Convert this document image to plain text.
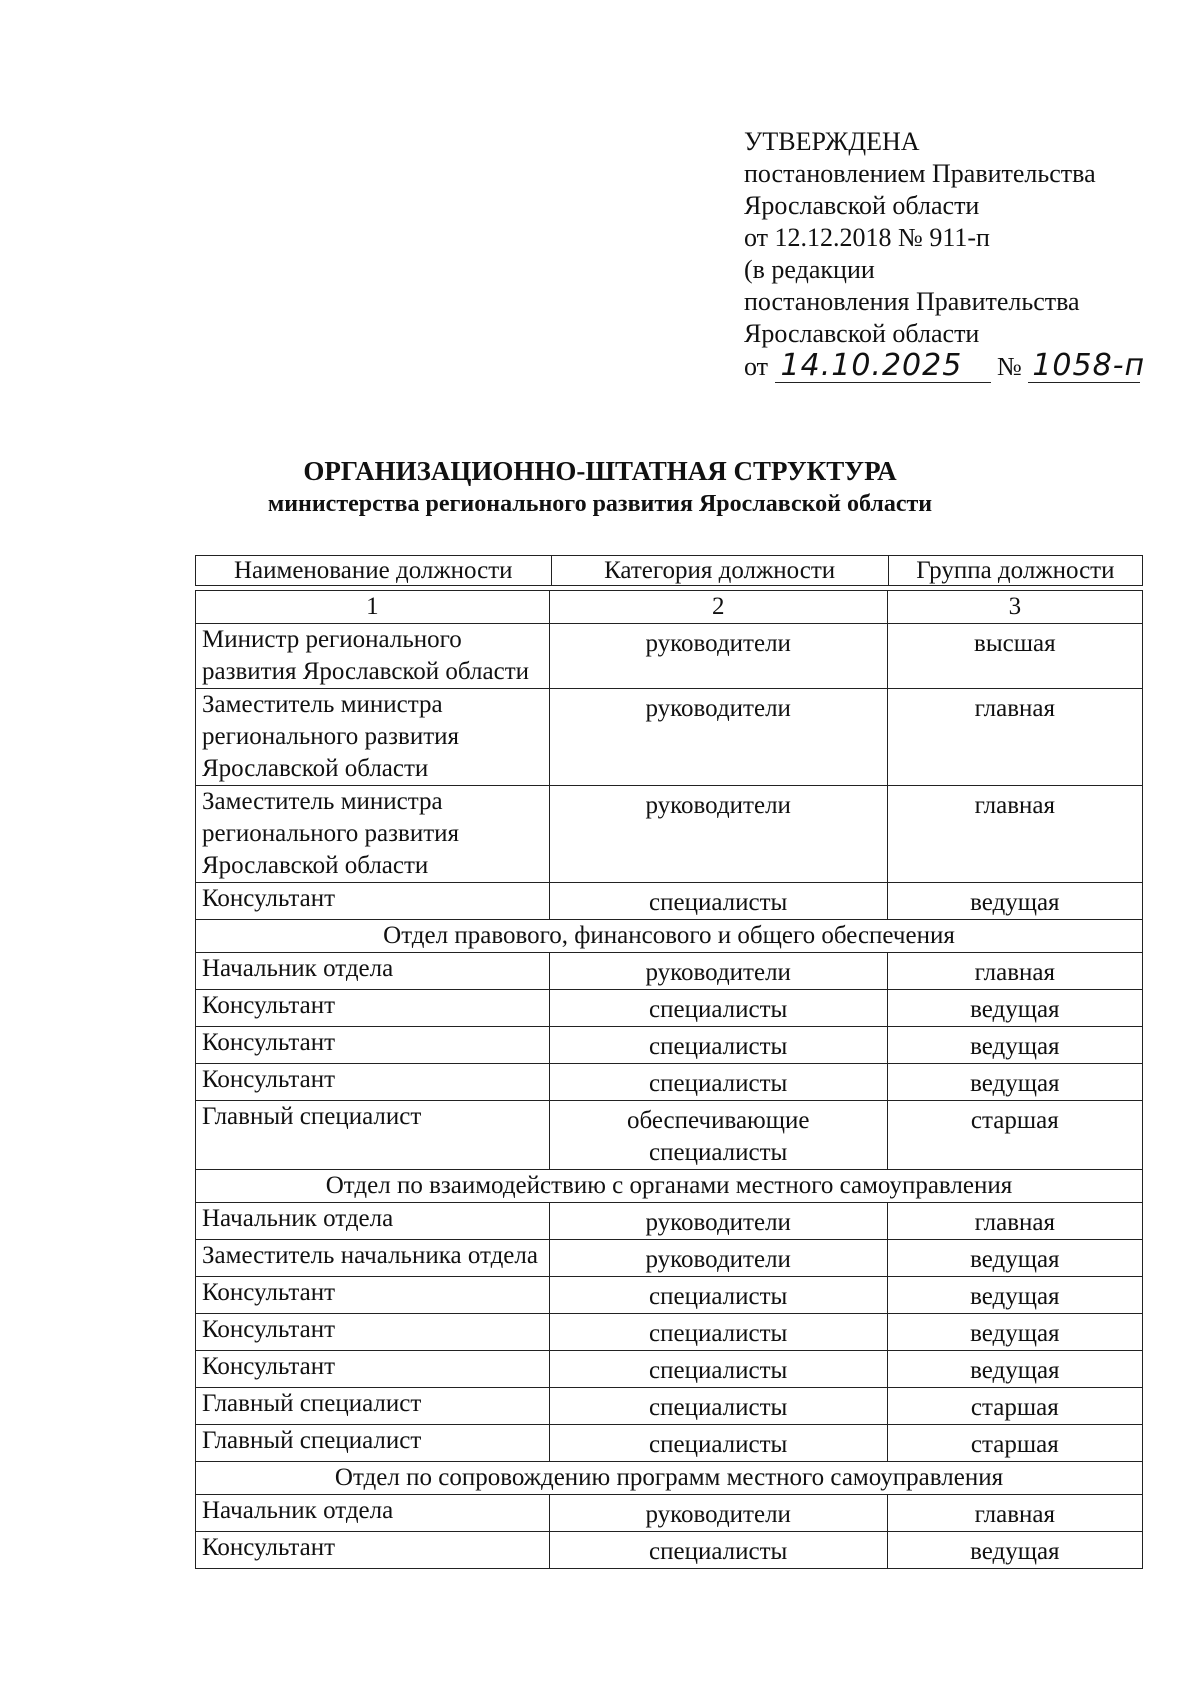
УТВЕРЖДЕНА
постановлением Правительства
Ярославской области
от 12.12.2018 № 911-п
(в редакции
постановления Правительства
Ярославской области
от 14.10.2025 № 1058-п
ОРГАНИЗАЦИОННО-ШТАТНАЯ СТРУКТУРА
министерства регионального развития Ярославской области
Наименование должности	Категория должности	Группа должности
1	2	3
Министр регионального развития Ярославской области	руководители	высшая
Заместитель министра регионального развития Ярославской области	руководители	главная
Заместитель министра регионального развития Ярославской области	руководители	главная
Консультант	специалисты	ведущая
Отдел правового, финансового и общего обеспечения		
Начальник отдела	руководители	главная
Консультант	специалисты	ведущая
Консультант	специалисты	ведущая
Консультант	специалисты	ведущая
Главный специалист	обеспечивающие специалисты	старшая
Отдел по взаимодействию с органами местного самоуправления		
Начальник отдела	руководители	главная
Заместитель начальника отдела	руководители	ведущая
Консультант	специалисты	ведущая
Консультант	специалисты	ведущая
Консультант	специалисты	ведущая
Главный специалист	специалисты	старшая
Главный специалист	специалисты	старшая
Отдел по сопровождению программ местного самоуправления		
Начальник отдела	руководители	главная
Консультант	специалисты	ведущая
